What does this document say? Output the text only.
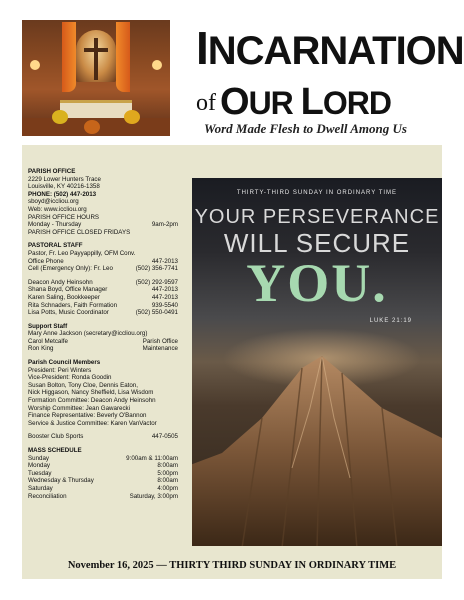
INCARNATION
of OUR LORD
Word Made Flesh to Dwell Among Us
PARISH OFFICE
2229 Lower Hunters Trace
Louisville, KY 40216-1358
PHONE: (502) 447-2013
sboyd@iccliou.org
Web: www.iccliou.org
PARISH OFFICE HOURS
Monday - Thursday	9am-2pm
PARISH OFFICE CLOSED FRIDAYS
PASTORAL STAFF
Pastor, Fr. Leo Payyappilly, OFM Conv.
Office Phone	447-2013
Cell (Emergency Only): Fr. Leo	(502) 356-7741
Deacon Andy Heinsohn	(502) 292-9597
Shana Boyd, Office Manager	447-2013
Karen Saling, Bookkeeper	447-2013
Rita Schnaders, Faith Formation	939-5540
Lisa Potts, Music Coordinator	(502) 550-0491
Support Staff
Mary Anne Jackson (secretary@iccliou.org)
Carol Metcalfe	Parish Office
Ron King	Maintenance
Parish Council Members
President: Peri Winters
Vice-President: Ronda Goodin
Susan Bolton, Tony Cloe, Dennis Eaton,
Nick Higgason, Nancy Sheffield, Lisa Wisdom
Formation Committee: Deacon Andy Heinsohn
Worship Committee: Jean Gawarecki
Finance Representative: Beverly O'Bannon
Service & Justice Committee: Karen VanVactor
Booster Club Sports	447-0505
MASS SCHEDULE
Sunday	9:00am & 11:00am
Monday	8:00am
Tuesday	5:00pm
Wednesday & Thursday	8:00am
Saturday	4:00pm
Reconciliation	Saturday, 3:00pm
THIRTY-THIRD SUNDAY IN ORDINARY TIME
YOUR PERSEVERANCE
WILL SECURE
YOU.
LUKE 21:19
November 16, 2025 — THIRTY THIRD SUNDAY IN ORDINARY TIME
